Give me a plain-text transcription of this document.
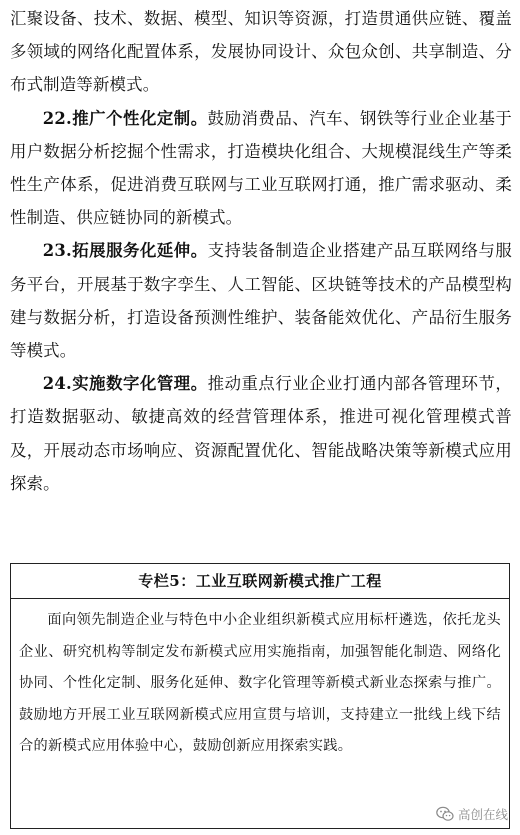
汇聚设备、技术、数据、模型、知识等资源，打造贯通供应链、覆盖多领域的网络化配置体系，发展协同设计、众包众创、共享制造、分布式制造等新模式。

22.推广个性化定制。鼓励消费品、汽车、钢铁等行业企业基于用户数据分析挖掘个性需求，打造模块化组合、大规模混线生产等柔性生产体系，促进消费互联网与工业互联网打通，推广需求驱动、柔性制造、供应链协同的新模式。

23.拓展服务化延伸。支持装备制造企业搭建产品互联网络与服务平台，开展基于数字孪生、人工智能、区块链等技术的产品模型构建与数据分析，打造设备预测性维护、装备能效优化、产品衍生服务等模式。

24.实施数字化管理。推动重点行业企业打通内部各管理环节，打造数据驱动、敏捷高效的经营管理体系，推进可视化管理模式普及，开展动态市场响应、资源配置优化、智能战略决策等新模式应用探索。

专栏5：工业互联网新模式推广工程
面向领先制造企业与特色中小企业组织新模式应用标杆遴选，依托龙头企业、研究机构等制定发布新模式应用实施指南，加强智能化制造、网络化协同、个性化定制、服务化延伸、数字化管理等新模式新业态探索与推广。鼓励地方开展工业互联网新模式应用宣贯与培训，支持建立一批线上线下结合的新模式应用体验中心，鼓励创新应用探索实践。
高创在线
